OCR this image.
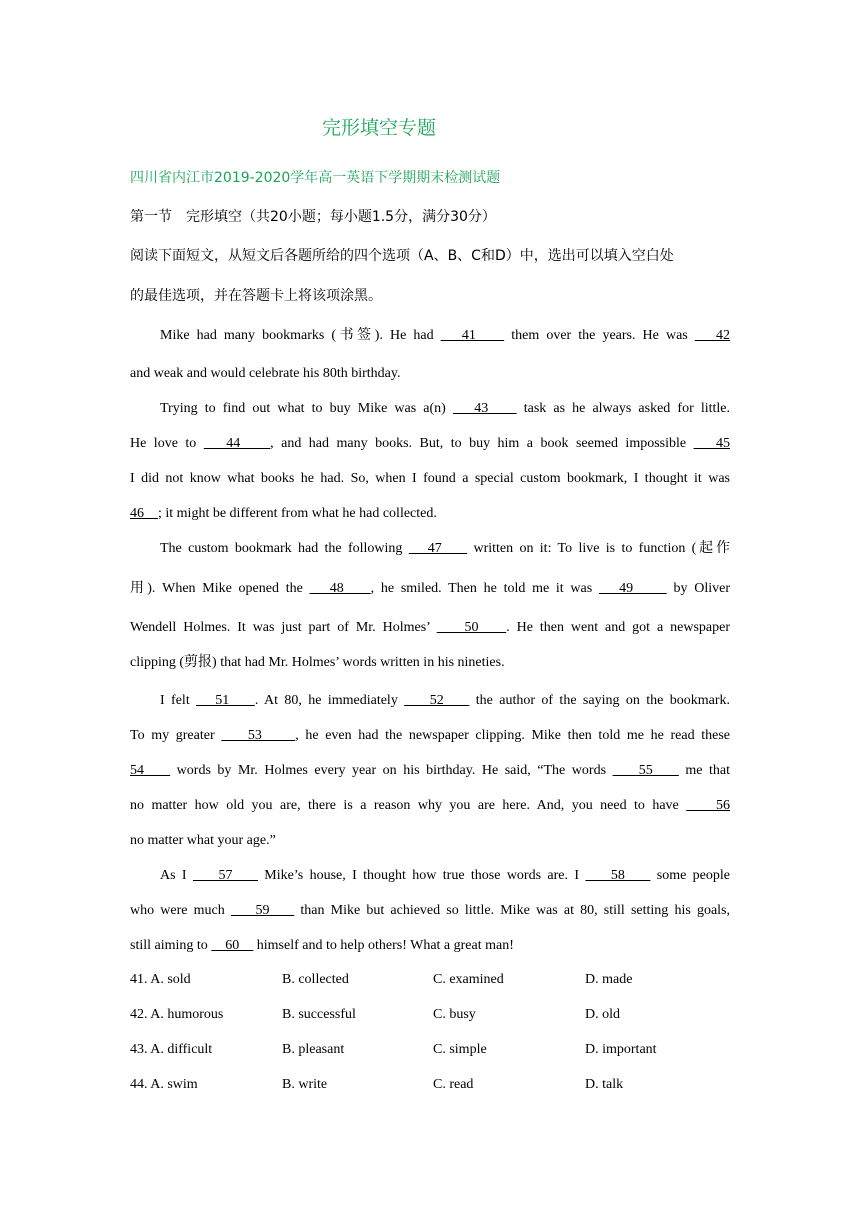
完形填空专题
四川省内江市2019-2020学年高一英语下学期期末检测试题
第一节　完形填空（共20小题；每小题1.5分，满分30分）
阅读下面短文，从短文后各题所给的四个选项（A、B、C和D）中，选出可以填入空白处
的最佳选项，并在答题卡上将该项涂黑。
Mike had many bookmarks (书签). He had    41     them over the years. He was    42
and weak and would celebrate his 80th birthday.
Trying to find out what to buy Mike was a(n)    43     task as he always asked for little.
He love to    44    , and had many books. But, to buy him a book seemed impossible    45
I did not know what books he had. So, when I found a special custom bookmark, I thought it was
46    ; it might be different from what he had collected.
The custom bookmark had the following    47     written on it: To live is to function (起作
用). When Mike opened the    48    , he smiled. Then he told me it was    49      by Oliver
Wendell Holmes. It was just part of Mr. Holmes’     50    . He then went and got a newspaper
clipping (剪报) that had Mr. Holmes’ words written in his nineties.
I felt    51    . At 80, he immediately     52     the author of the saying on the bookmark.
To my greater     53     , he even had the newspaper clipping. Mike then told me he read these
54     words by Mr. Holmes every year on his birthday. He said, “The words     55     me that
no matter how old you are, there is a reason why you are here. And, you need to have     56
no matter what your age.”
As I     57     Mike’s house, I thought how true those words are. I     58     some people
who were much     59     than Mike but achieved so little. Mike was at 80, still setting his goals,
still aiming to     60     himself and to help others! What a great man!
41. A. sold	B. collected	C. examined	D. made
42. A. humorous	B. successful	C. busy	D. old
43. A. difficult	B. pleasant	C. simple	D. important
44. A. swim	B. write	C. read	D. talk
